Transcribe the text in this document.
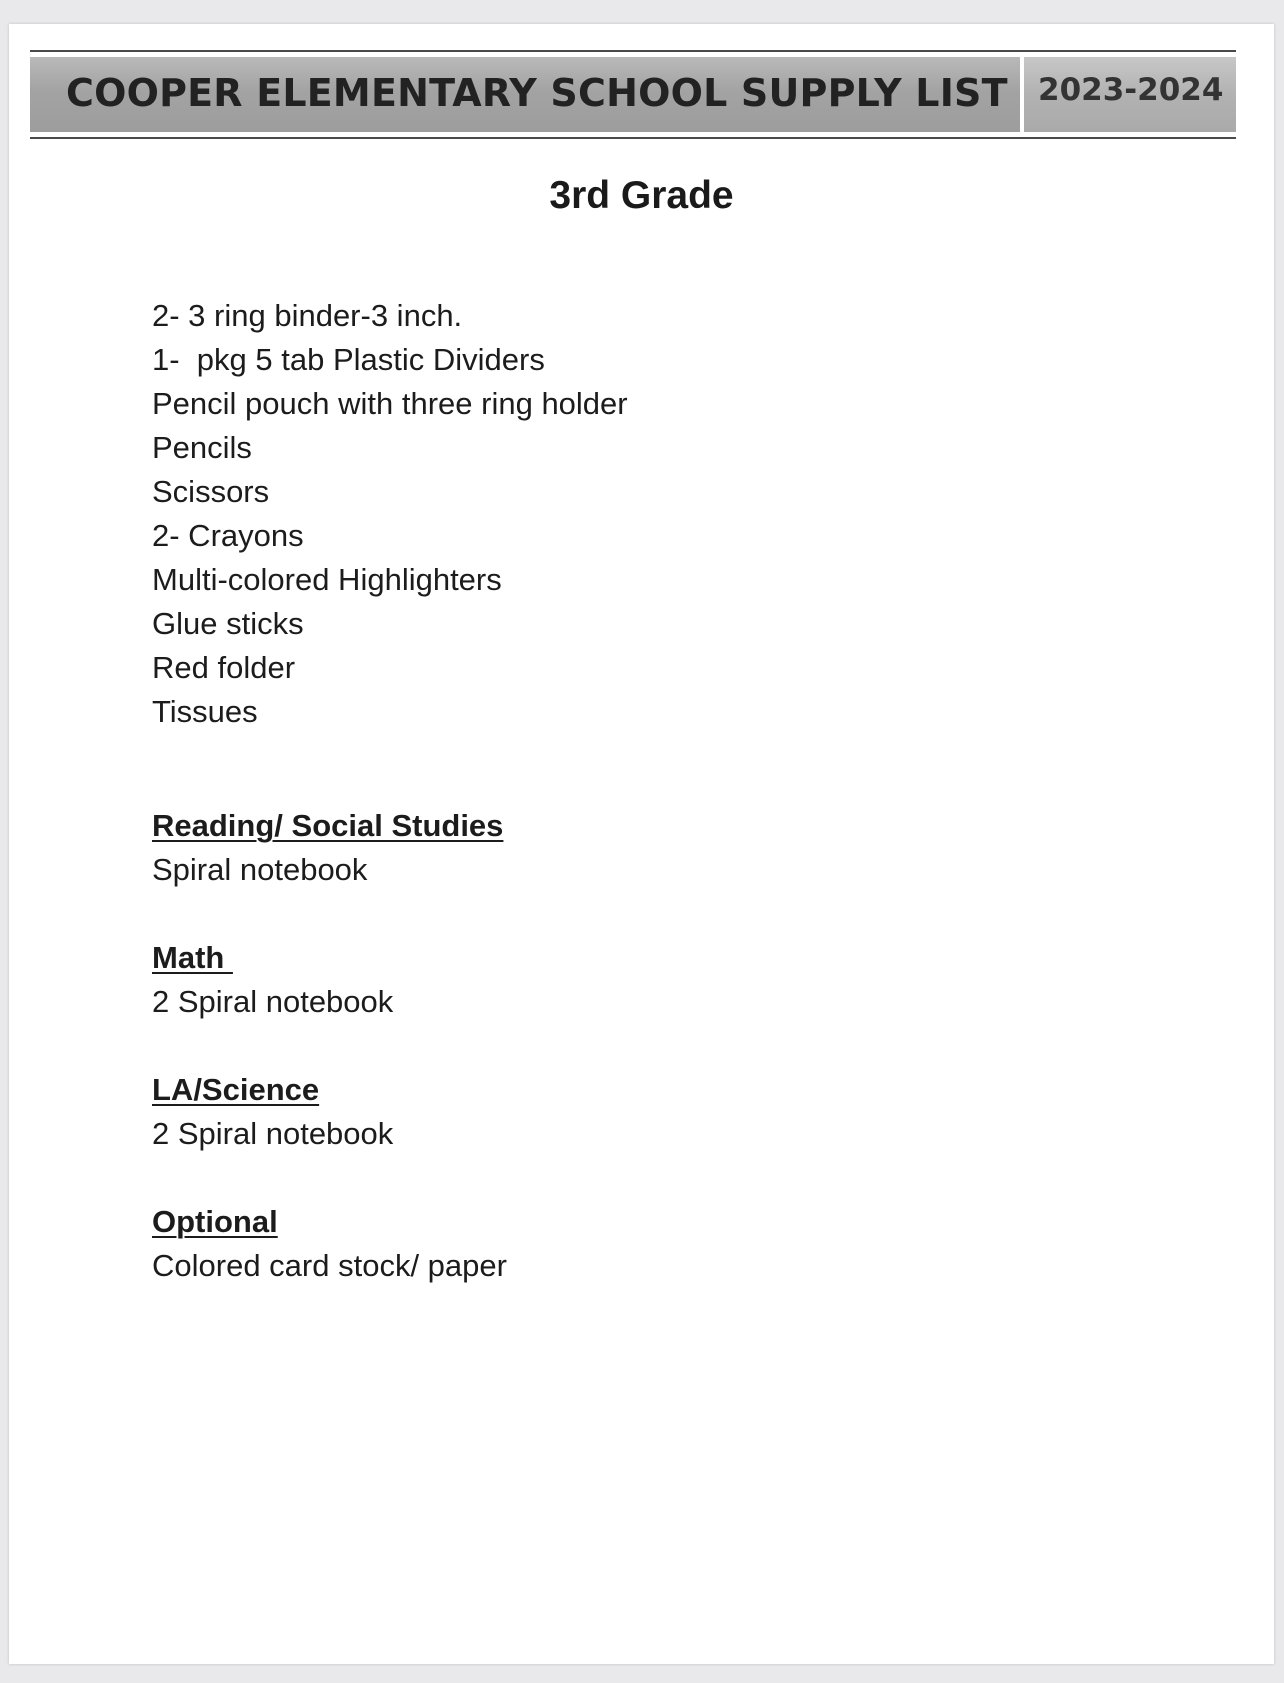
COOPER ELEMENTARY SCHOOL SUPPLY LIST 2023-2024
3rd Grade
2- 3 ring binder-3 inch.
1-  pkg 5 tab Plastic Dividers
Pencil pouch with three ring holder
Pencils
Scissors
2- Crayons
Multi-colored Highlighters
Glue sticks
Red folder
Tissues
Reading/ Social Studies
Spiral notebook
Math
2 Spiral notebook
LA/Science
2 Spiral notebook
Optional
Colored card stock/ paper
